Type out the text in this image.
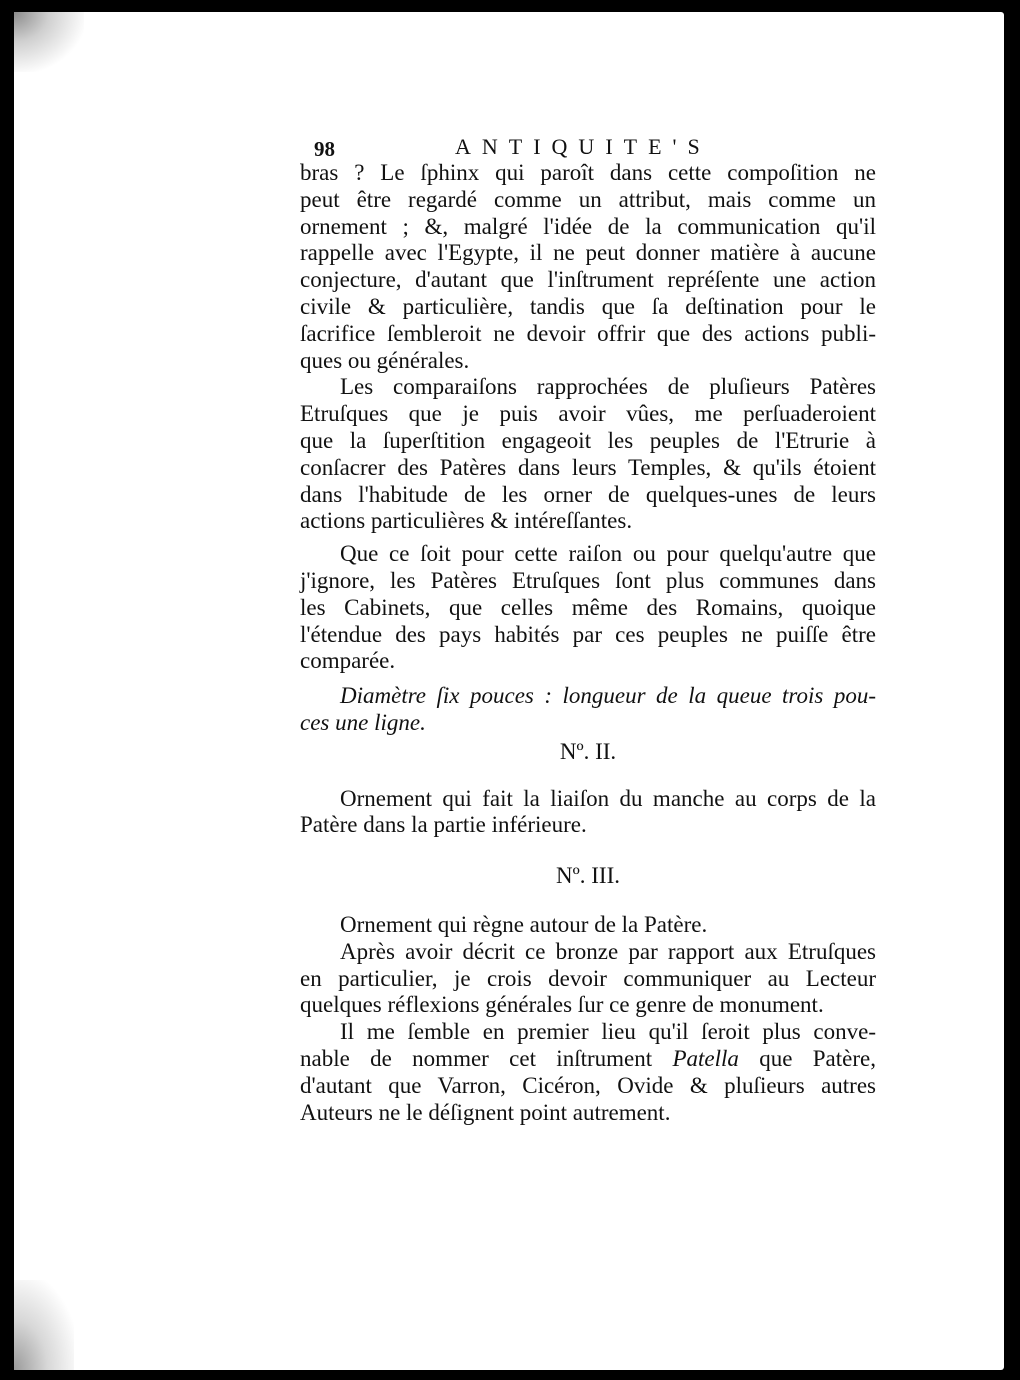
98	ANTIQUITE'S
bras ? Le ſphinx qui paroît dans cette compoſition ne
peut être regardé comme un attribut, mais comme un
ornement ; &, malgré l'idée de la communication qu'il
rappelle avec l'Egypte, il ne peut donner matière à aucune
conjecture, d'autant que l'inſtrument repréſente une action
civile & particulière, tandis que ſa deſtination pour le
ſacrifice ſembleroit ne devoir offrir que des actions publi-
ques ou générales.
Les comparaiſons rapprochées de pluſieurs Patères
Etruſques que je puis avoir vûes, me perſuaderoient
que la ſuperſtition engageoit les peuples de l'Etrurie à
conſacrer des Patères dans leurs Temples, & qu'ils étoient
dans l'habitude de les orner de quelques-unes de leurs
actions particulières & intéreſſantes.
Que ce ſoit pour cette raiſon ou pour quelqu'autre que
j'ignore, les Patères Etruſques ſont plus communes dans
les Cabinets, que celles même des Romains, quoique
l'étendue des pays habités par ces peuples ne puiſſe être
comparée.
Diamètre ſix pouces : longueur de la queue trois pou-
ces une ligne.
Nº. II.
Ornement qui fait la liaiſon du manche au corps de la
Patère dans la partie inférieure.
Nº. III.
Ornement qui règne autour de la Patère.
Après avoir décrit ce bronze par rapport aux Etruſques
en particulier, je crois devoir communiquer au Lecteur
quelques réflexions générales ſur ce genre de monument.
Il me ſemble en premier lieu qu'il ſeroit plus conve-
nable de nommer cet inſtrument Patella que Patère,
d'autant que Varron, Cicéron, Ovide & pluſieurs autres
Auteurs ne le déſignent point autrement.
